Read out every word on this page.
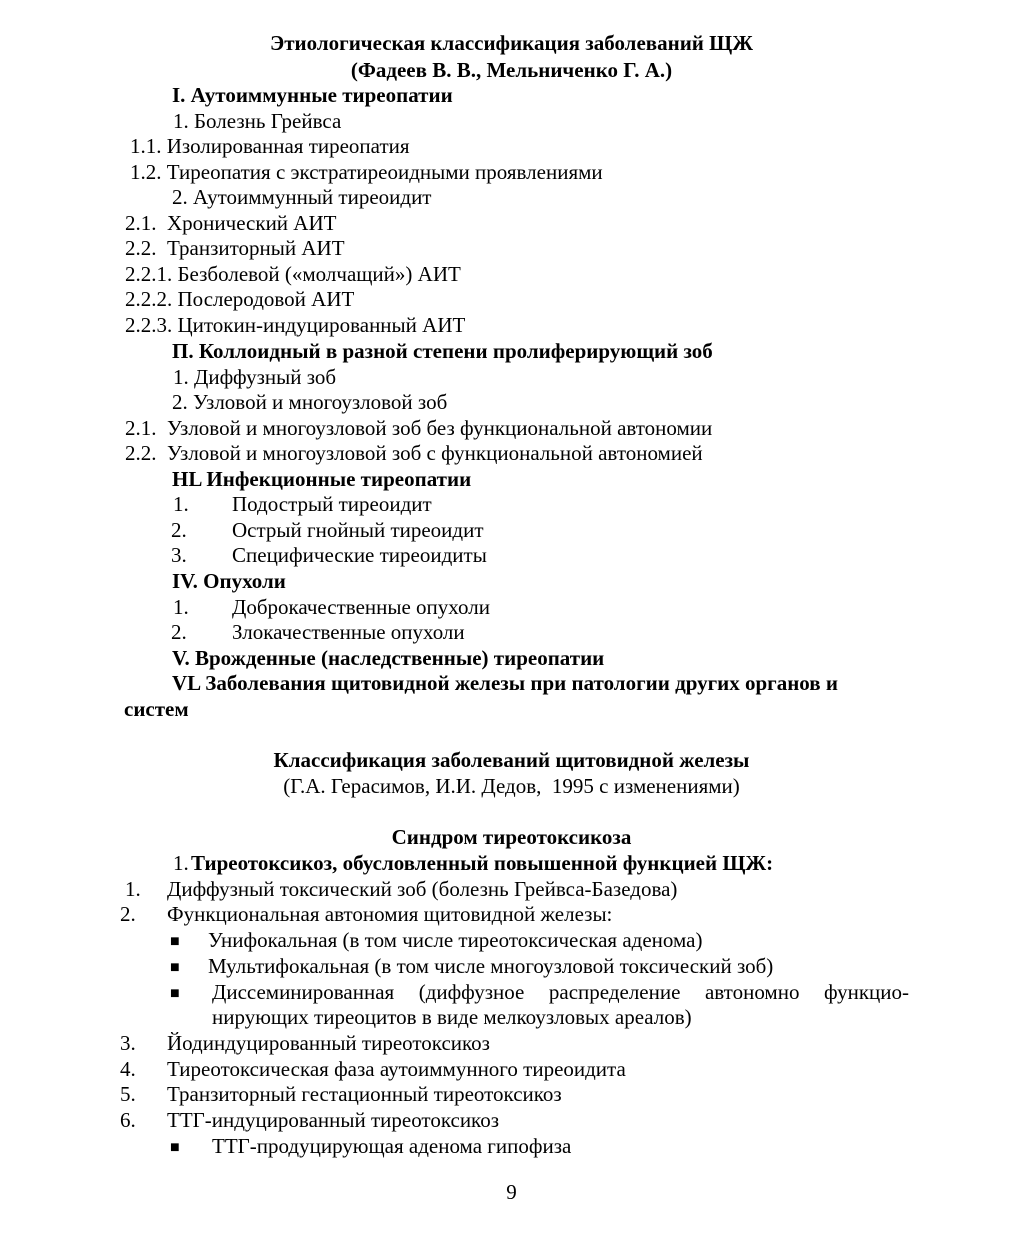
Этиологическая классификация заболеваний ЩЖ
(Фадеев В. В., Мельниченко Г. А.)
I. Аутоиммунные тиреопатии
1. Болезнь Грейвса
1.1. Изолированная тиреопатия
1.2. Тиреопатия с экстратиреоидными проявлениями
2. Аутоиммунный тиреоидит
2.1.  Хронический АИТ
2.2.  Транзиторный АИТ
2.2.1. Безболевой («молчащий») АИТ
2.2.2. Послеродовой АИТ
2.2.3. Цитокин-индуцированный АИТ
П. Коллоидный в разной степени пролиферирующий зоб
1. Диффузный зоб
2. Узловой и многоузловой зоб
2.1.  Узловой и многоузловой зоб без функциональной автономии
2.2.  Узловой и многоузловой зоб с функциональной автономией
HL Инфекционные тиреопатии
1. Подострый тиреоидит
2. Острый гнойный тиреоидит
3. Специфические тиреоидиты
IV. Опухоли
1. Доброкачественные опухоли
2. Злокачественные опухоли
V. Врожденные (наследственные) тиреопатии
VL Заболевания щитовидной железы при патологии других органов и
систем
Классификация заболеваний щитовидной железы
(Г.А. Герасимов, И.И. Дедов,  1995 с изменениями)
Синдром тиреотоксикоза
1. Тиреотоксикоз, обусловленный повышенной функцией ЩЖ:
1. Диффузный токсический зоб (болезнь Грейвса-Базедова)
2. Функциональная автономия щитовидной железы:
■ Унифокальная (в том числе тиреотоксическая аденома)
■ Мультифокальная (в том числе многоузловой токсический зоб)
■ Диссеминированная (диффузное распределение автономно функцио-
нирующих тиреоцитов в виде мелкоузловых ареалов)
3. Йодиндуцированный тиреотоксикоз
4. Тиреотоксическая фаза аутоиммунного тиреоидита
5. Транзиторный гестационный тиреотоксикоз
6. ТТГ-индуцированный тиреотоксикоз
■ ТТГ-продуцирующая аденома гипофиза
9
